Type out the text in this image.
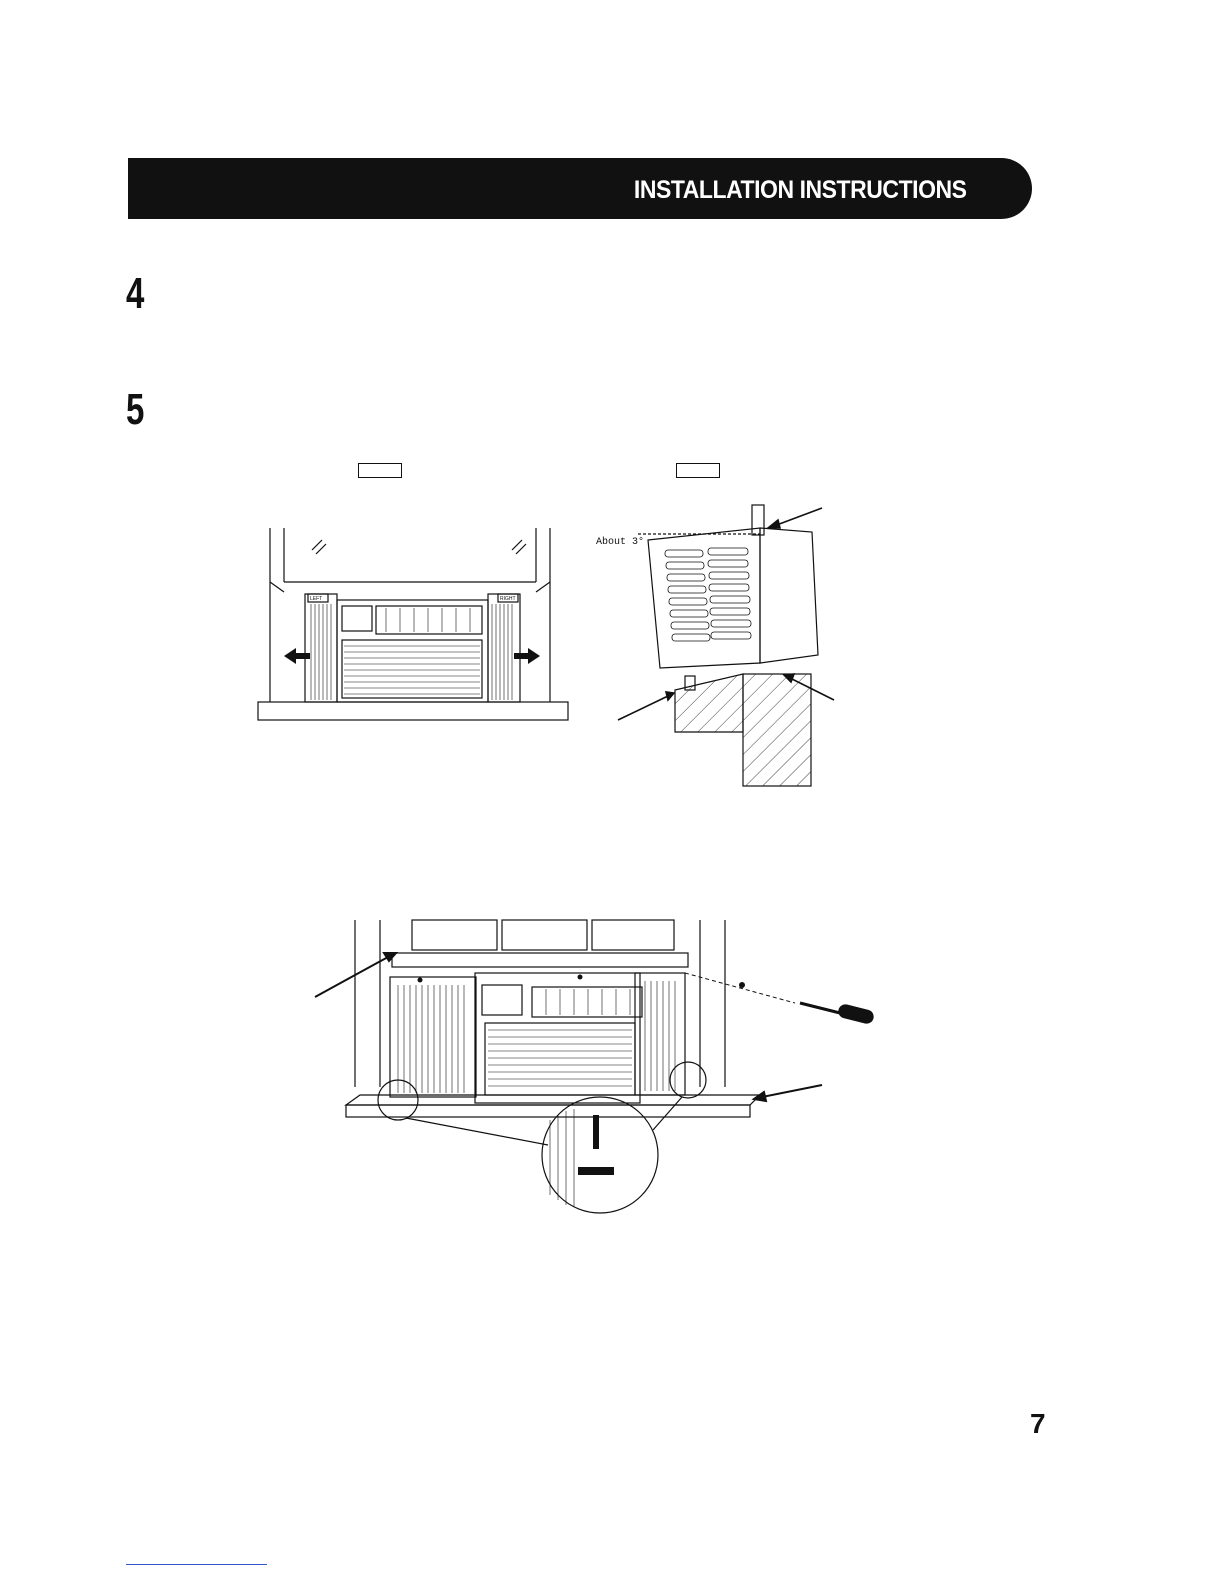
INSTALLATION INSTRUCTIONS
4
5
LEFT	RIGHT
About 3°
7
